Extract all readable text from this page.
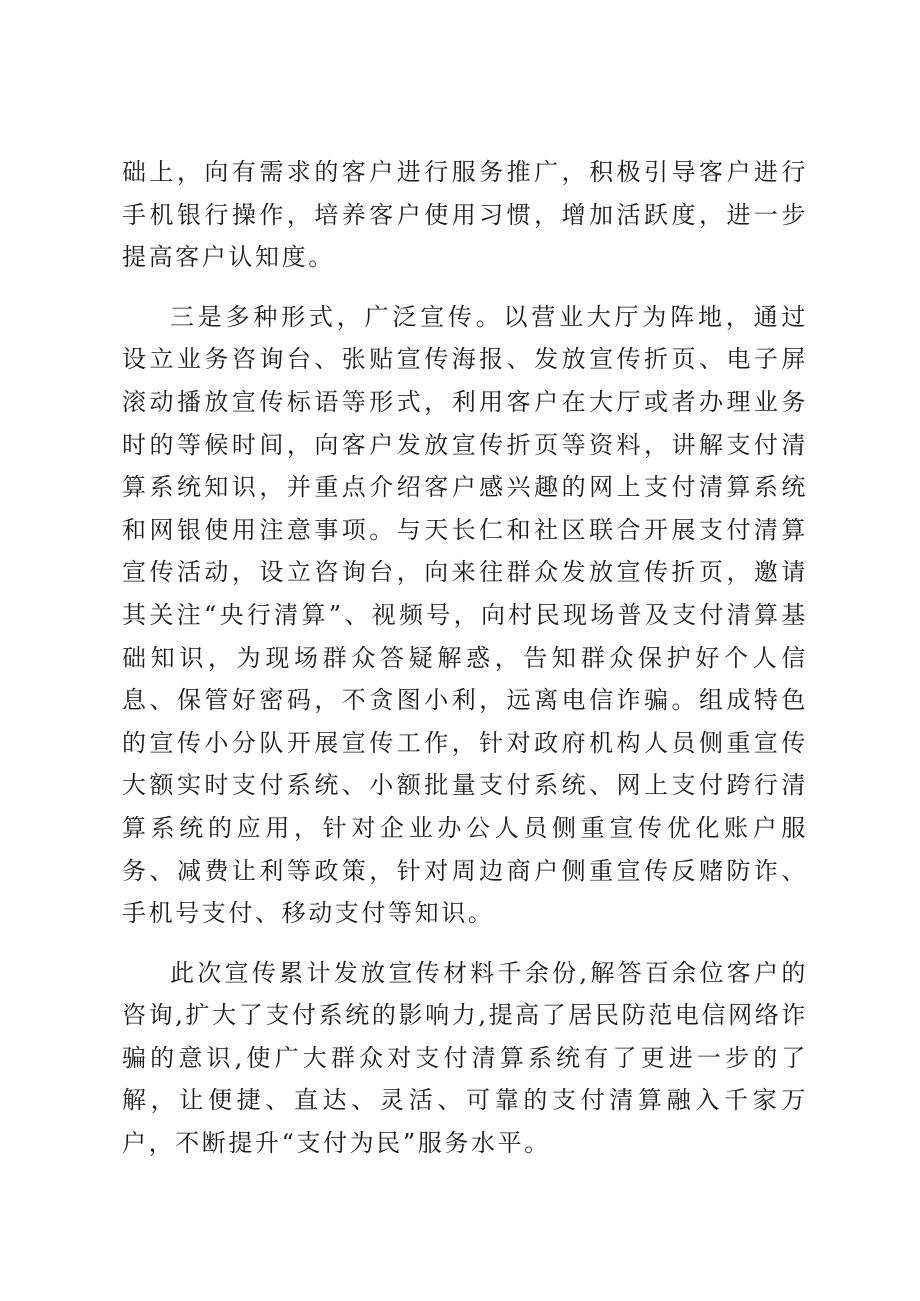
础上，向有需求的客户进行服务推广，积极引导客户进行手机银行操作，培养客户使用习惯，增加活跃度，进一步提高客户认知度。

三是多种形式，广泛宣传。以营业大厅为阵地，通过设立业务咨询台、张贴宣传海报、发放宣传折页、电子屏滚动播放宣传标语等形式，利用客户在大厅或者办理业务时的等候时间，向客户发放宣传折页等资料，讲解支付清算系统知识，并重点介绍客户感兴趣的网上支付清算系统和网银使用注意事项。与天长仁和社区联合开展支付清算宣传活动，设立咨询台，向来往群众发放宣传折页，邀请其关注“央行清算”、视频号，向村民现场普及支付清算基础知识，为现场群众答疑解惑，告知群众保护好个人信息、保管好密码，不贪图小利，远离电信诈骗。组成特色的宣传小分队开展宣传工作，针对政府机构人员侧重宣传大额实时支付系统、小额批量支付系统、网上支付跨行清算系统的应用，针对企业办公人员侧重宣传优化账户服务、减费让利等政策，针对周边商户侧重宣传反赌防诈、手机号支付、移动支付等知识。

此次宣传累计发放宣传材料千余份,解答百余位客户的咨询,扩大了支付系统的影响力,提高了居民防范电信网络诈骗的意识,使广大群众对支付清算系统有了更进一步的了解，让便捷、直达、灵活、可靠的支付清算融入千家万户，不断提升“支付为民”服务水平。
